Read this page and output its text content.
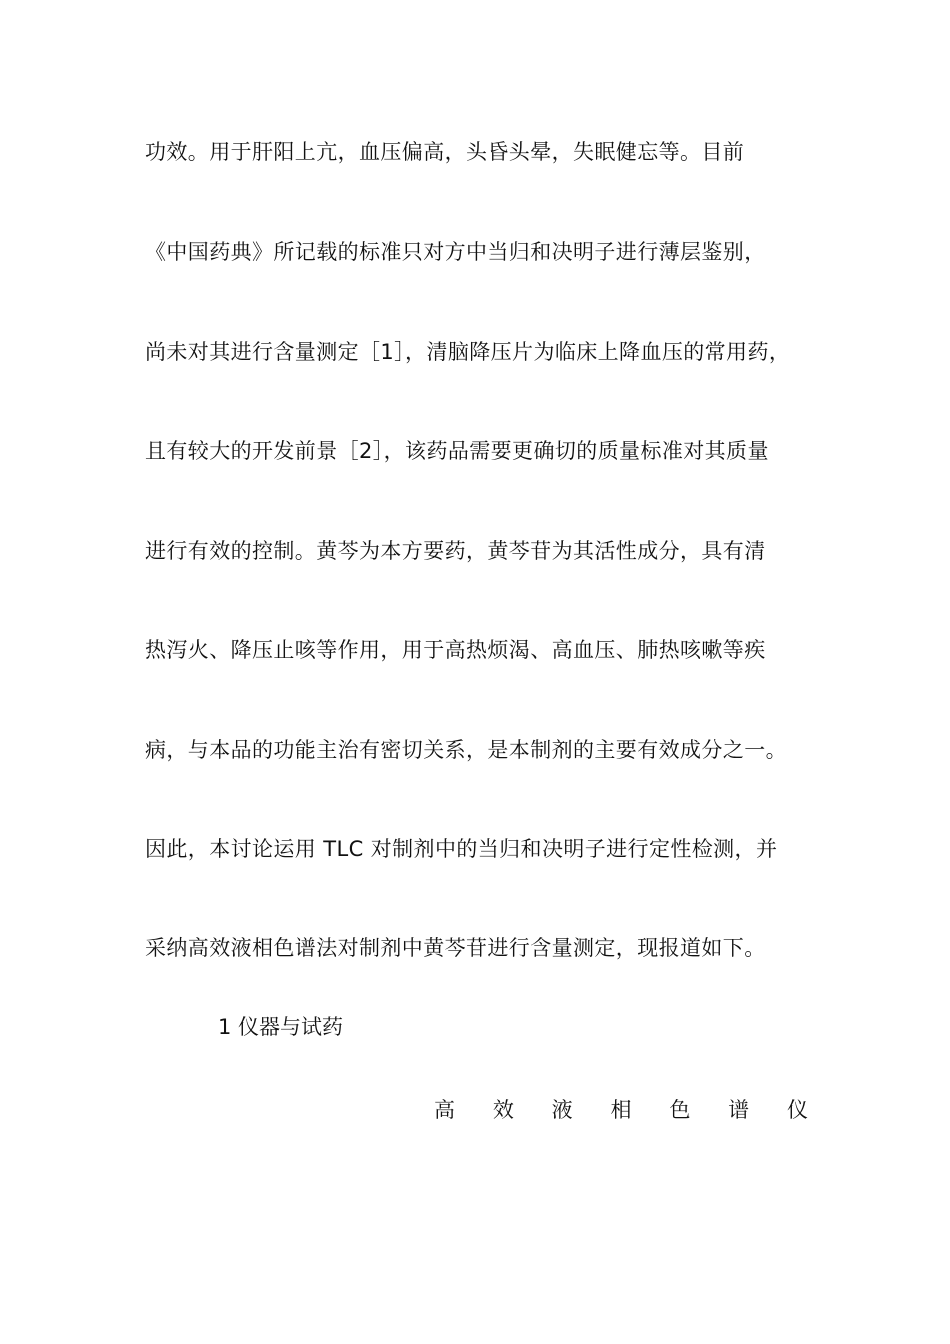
功效。用于肝阳上亢，血压偏高，头昏头晕，失眠健忘等。目前
《中国药典》所记载的标准只对方中当归和决明子进行薄层鉴别，
尚未对其进行含量测定［1］，清脑降压片为临床上降血压的常用药，
且有较大的开发前景［2］，该药品需要更确切的质量标准对其质量
进行有效的控制。黄芩为本方要药，黄芩苷为其活性成分，具有清
热泻火、降压止咳等作用，用于高热烦渴、高血压、肺热咳嗽等疾
病，与本品的功能主治有密切关系，是本制剂的主要有效成分之一。
因此，本讨论运用 TLC 对制剂中的当归和决明子进行定性检测，并
采纳高效液相色谱法对制剂中黄芩苷进行含量测定，现报道如下。
1 仪器与试药
高 效 液 相 色 谱 仪
